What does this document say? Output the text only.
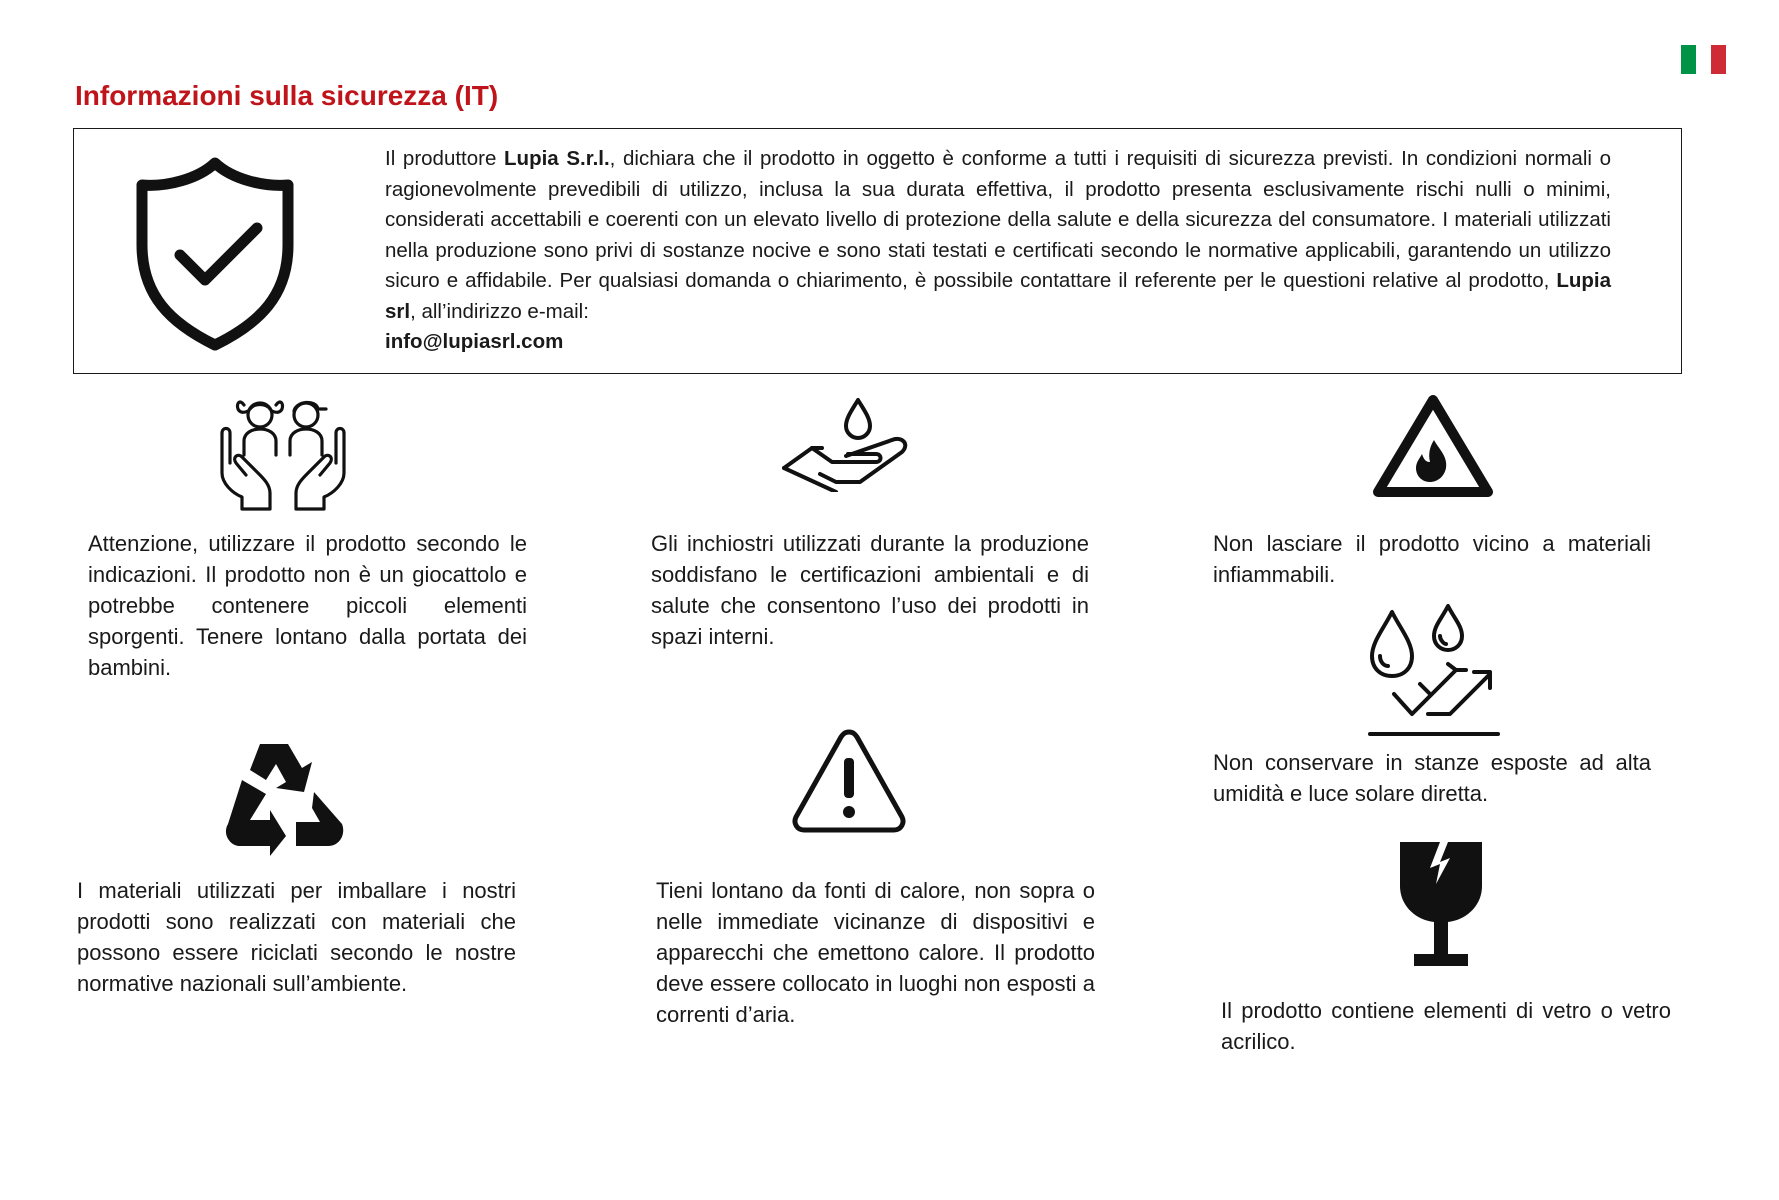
Informazioni sulla sicurezza (IT)

Il produttore Lupia S.r.l., dichiara che il prodotto in oggetto è conforme a tutti i requisiti di sicurezza previsti. In condizioni normali o ragionevolmente prevedibili di utilizzo, inclusa la sua durata effettiva, il prodotto presenta esclusivamente rischi nulli o minimi, considerati accettabili e coerenti con un elevato livello di protezione della salute e della sicurezza del consumatore. I materiali utilizzati nella produzione sono privi di sostanze nocive e sono stati testati e certificati secondo le normative applicabili, garantendo un utilizzo sicuro e affidabile. Per qualsiasi domanda o chiarimento, è possibile contattare il referente per le questioni relative al prodotto, Lupia srl, all’indirizzo e-mail:
info@lupiasrl.com

Attenzione, utilizzare il prodotto secondo le indicazioni. Il prodotto non è un giocattolo e potrebbe contenere piccoli elementi sporgenti. Tenere lontano dalla portata dei bambini.

Gli inchiostri utilizzati durante la produzione soddisfano le certificazioni ambientali e di salute che consentono l’uso dei prodotti in spazi interni.

Non lasciare il prodotto vicino a materiali infiammabili.

Non conservare in stanze esposte ad alta umidità e luce solare diretta.

I materiali utilizzati per imballare i nostri prodotti sono realizzati con materiali che possono essere riciclati secondo le nostre normative nazionali sull’ambiente.

Tieni lontano da fonti di calore, non sopra o nelle immediate vicinanze di dispositivi e apparecchi che emettono calore. Il prodotto deve essere collocato in luoghi non esposti a correnti d’aria.	Il prodotto contiene elementi di vetro o vetro acrilico.
